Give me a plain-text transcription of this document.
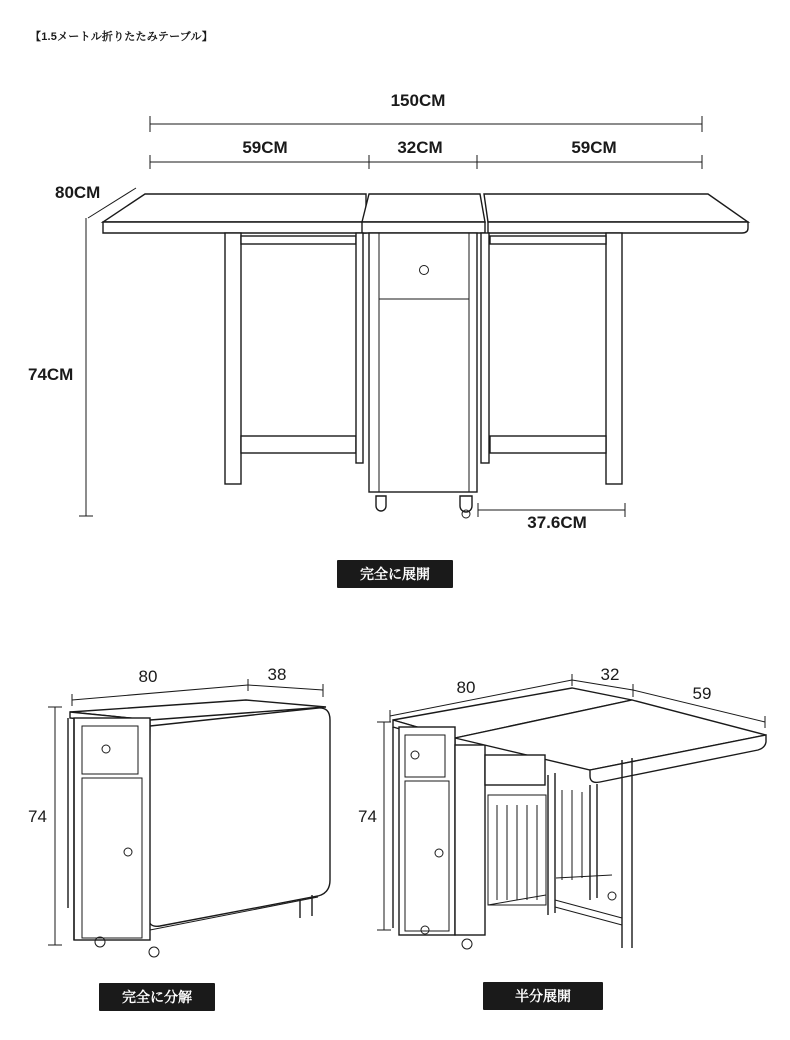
【1.5メートル折りたたみテーブル】
150CM
59CM	32CM	59CM
80CM
74CM
37.6CM
80	38
74
80
32
59
74
完全に展開
完全に分解	半分展開
